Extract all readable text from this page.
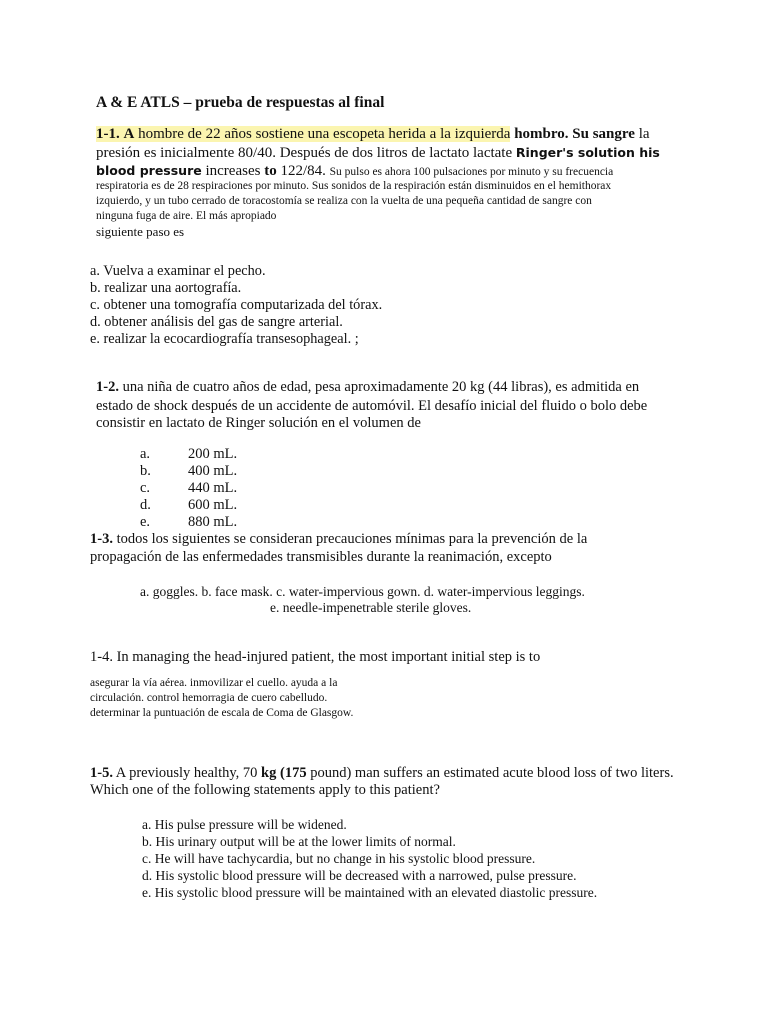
A & E ATLS – prueba de respuestas al final
1-1. A hombre de 22 años sostiene una escopeta herida a la izquierda hombro. Su sangre la
presión es inicialmente 80/40. Después de dos litros de lactato lactate Ringer's solution his
blood pressure increases to 122/84. Su pulso es ahora 100 pulsaciones por minuto y su frecuencia
respiratoria es de 28 respiraciones por minuto. Sus sonidos de la respiración están disminuidos en el hemithorax
izquierdo, y un tubo cerrado de toracostomía se realiza con la vuelta de una pequeña cantidad de sangre con
ninguna fuga de aire. El más apropiado
siguiente paso es
a. Vuelva a examinar el pecho.
b. realizar una aortografía.
c. obtener una tomografía computarizada del tórax.
d. obtener análisis del gas de sangre arterial.
e. realizar la ecocardiografía transesophageal. ;
1-2. una niña de cuatro años de edad, pesa aproximadamente 20 kg (44 libras), es admitida en
estado de shock después de un accidente de automóvil. El desafío inicial del fluido o bolo debe
consistir en lactato de Ringer solución en el volumen de
a.	200 mL.
b.	400 mL.
c.	440 mL.
d.	600 mL.
e.	880 mL.
1-3. todos los siguientes se consideran precauciones mínimas para la prevención de la
propagación de las enfermedades transmisibles durante la reanimación, excepto
a. goggles. b. face mask. c. water-impervious gown. d. water-impervious leggings.
e. needle-impenetrable sterile gloves.
1-4. In managing the head-injured patient, the most important initial step is to
asegurar la vía aérea. inmovilizar el cuello. ayuda a la
circulación. control hemorragia de cuero cabelludo.
determinar la puntuación de escala de Coma de Glasgow.
1-5. A previously healthy, 70 kg (175 pound) man suffers an estimated acute blood loss of two liters.
Which one of the following statements apply to this patient?
a. His pulse pressure will be widened.
b. His urinary output will be at the lower limits of normal.
c. He will have tachycardia, but no change in his systolic blood pressure.
d. His systolic blood pressure will be decreased with a narrowed, pulse pressure.
e. His systolic blood pressure will be maintained with an elevated diastolic pressure.
